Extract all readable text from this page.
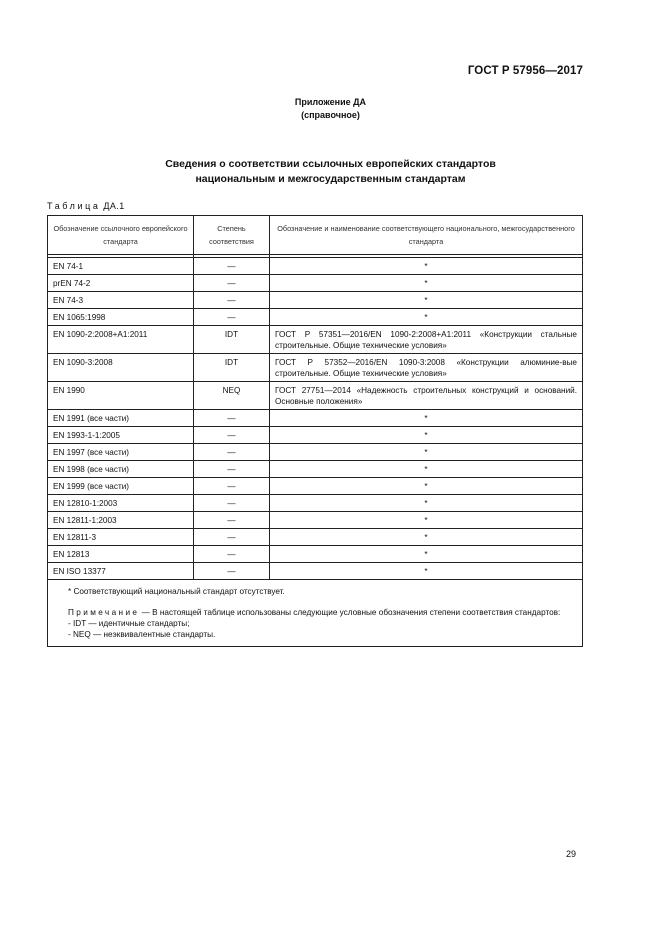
ГОСТ Р 57956—2017
Приложение ДА
(справочное)
Сведения о соответствии ссылочных европейских стандартов
национальным и межгосударственным стандартам
Таблица ДА.1
Обозначение ссылочного европейского стандарта	Степень соответствия	Обозначение и наименование соответствующего национального, межгосударственного стандарта

EN 74-1	—	*
prEN 74-2	—	*
EN 74-3	—	*
EN 1065:1998	—	*
EN 1090-2:2008+A1:2011	IDT	ГОСТ Р 57351—2016/EN 1090-2:2008+A1:2011 «Конструкции стальные строительные. Общие технические условия»
EN 1090-3:2008	IDT	ГОСТ Р 57352—2016/EN 1090-3:2008 «Конструкции алюминие-вые строительные. Общие технические условия»
EN 1990	NEQ	ГОСТ 27751—2014 «Надежность строительных конструкций и оснований. Основные положения»
EN 1991 (все части)	—	*
EN 1993-1-1:2005	—	*
EN 1997 (все части)	—	*
EN 1998 (все части)	—	*
EN 1999 (все части)	—	*
EN 12810-1:2003	—	*
EN 12811-1:2003	—	*
EN 12811-3	—	*
EN 12813	—	*
EN ISO 13377	—	*

* Соответствующий национальный стандарт отсутствует.
Примечание — В настоящей таблице использованы следующие условные обозначения степени соответствия стандартов:
- IDT — идентичные стандарты;
- NEQ — неэквивалентные стандарты.		
29
